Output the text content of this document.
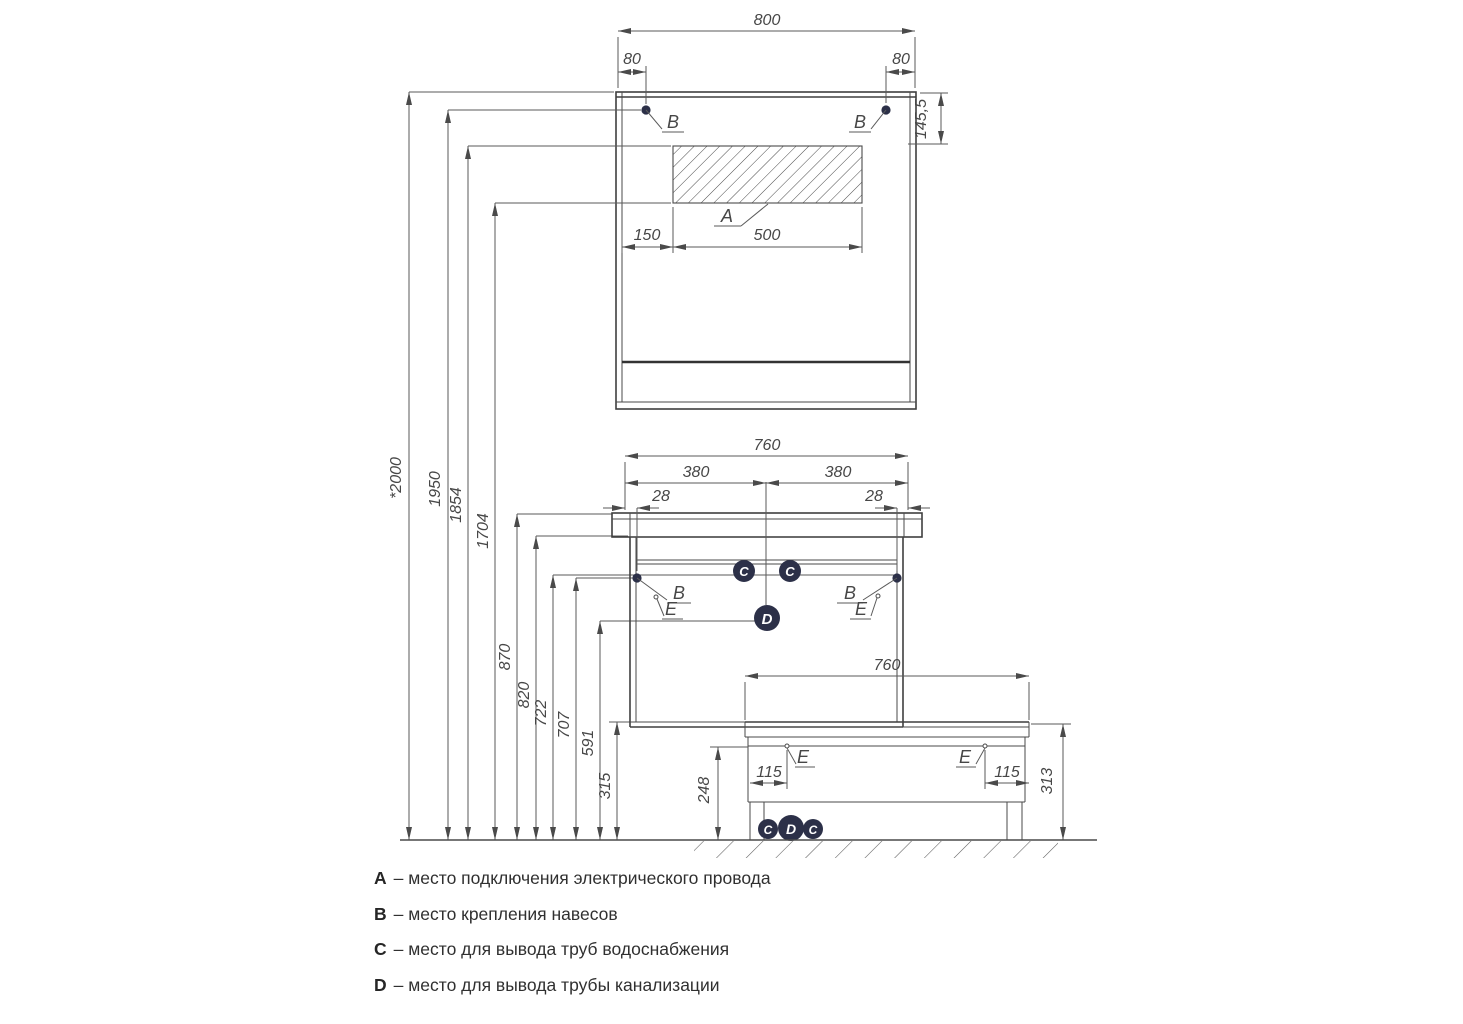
A
B	B
800
80	80
145,5
150	500
*2000 1950 1854
1704
870
820
722 707
591
315
B	B
C	C
D
E	E
760
380	380
28	28
E	E
115	115
760
248	313
C D C
A – место подключения электрического провода
B – место крепления навесов
C – место для вывода труб водоснабжения
D – место для вывода трубы канализации
